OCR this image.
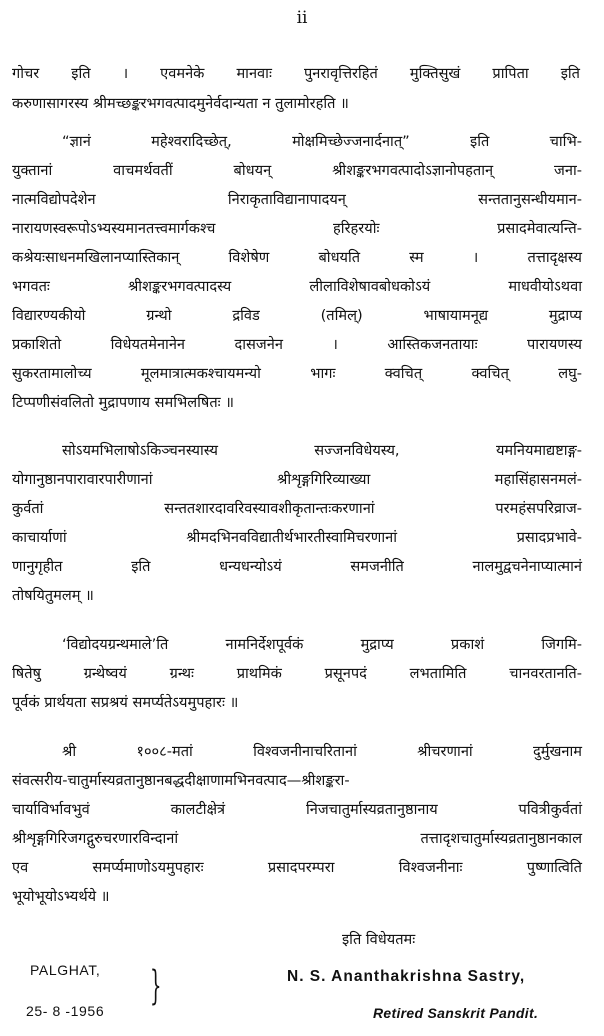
ii
गोचर इति । एवमनेके मानवाः पुनरावृत्तिरहितं मुक्तिसुखं प्रापिता इति
करुणासागरस्य श्रीमच्छङ्करभगवत्पादमुनेर्वदान्यता न तुलामोरहति ॥
“ज्ञानं महेश्वरादिच्छेत्, मोक्षमिच्छेज्जनार्दनात्” इति चाभि-
युक्तानां वाचमर्थवतीं बोधयन् श्रीशङ्करभगवत्पादोऽज्ञानोपहतान् जना-
नात्मविद्योपदेशेन निराकृताविद्यानापादयन् सन्ततानुसन्धीयमान-
नारायणस्वरूपोऽभ्यस्यमानतत्त्वमार्गकश्च हरिहरयोः प्रसादमेवात्यन्ति-
कश्रेयःसाधनमखिलानप्यास्तिकान् विशेषेण बोधयति स्म । तत्तादृक्षस्य
भगवतः श्रीशङ्करभगवत्पादस्य लीलाविशेषावबोधकोऽयं माधवीयोऽथवा
विद्यारण्यकीयो ग्रन्थो द्रविड (तमिल्) भाषायामनूद्य मुद्राप्य
प्रकाशितो विधेयतमेनानेन दासजनेन । आस्तिकजनतायाः पारायणस्य
सुकरतामालोच्य मूलमात्रात्मकश्चायमन्यो भागः क्वचित् क्वचित् लघु-
टिप्पणीसंवलितो मुद्रापणाय समभिलषितः ॥
सोऽयमभिलाषोऽकिञ्चनस्यास्य सज्जनविधेयस्य, यमनियमाद्यष्टाङ्ग-
योगानुष्ठानपारावारपारीणानां श्रीशृङ्गगिरिव्याख्या महासिंहासनमलं-
कुर्वतां सन्ततशारदावरिवस्यावशीकृतान्तःकरणानां परमहंसपरिव्राज-
काचार्याणां श्रीमदभिनवविद्यातीर्थभारतीस्वामिचरणानां प्रसादप्रभावे-
णानुगृहीत इति धन्यधन्योऽयं समजनीति नालमुद्वचनेनाप्यात्मानं
तोषयितुमलम् ॥
‘विद्योदयग्रन्थमाले’ति नामनिर्देशपूर्वकं मुद्राप्य प्रकाशं जिगमि-
षितेषु ग्रन्थेष्वयं ग्रन्थः प्राथमिकं प्रसूनपदं लभतामिति चानवरतानति-
पूर्वकं प्रार्थयता सप्रश्रयं समर्प्यतेऽयमुपहारः ॥
श्री १००८-मतां विश्वजनीनाचरितानां श्रीचरणानां दुर्मुखनाम
संवत्सरीय-चातुर्मास्यव्रतानुष्ठानबद्धदीक्षाणामभिनवत्पाद—श्रीशङ्करा-
चार्याविर्भावभुवं कालटीक्षेत्रं निजचातुर्मास्यव्रतानुष्ठानाय पवित्रीकुर्वतां
श्रीशृङ्गगिरिजगद्गुरुचरणारविन्दानां तत्तादृशचातुर्मास्यव्रतानुष्ठानकाल
एव समर्प्यमाणोऽयमुपहारः प्रसादपरम्परा विश्वजनीनाः पुष्णात्विति
भूयोभूयोऽभ्यर्थये ॥
इति विधेयतमः
N. S. Ananthakrishna Sastry,
Retired Sanskrit Pandit.
PALGHAT,
25- 8 -1956
}
